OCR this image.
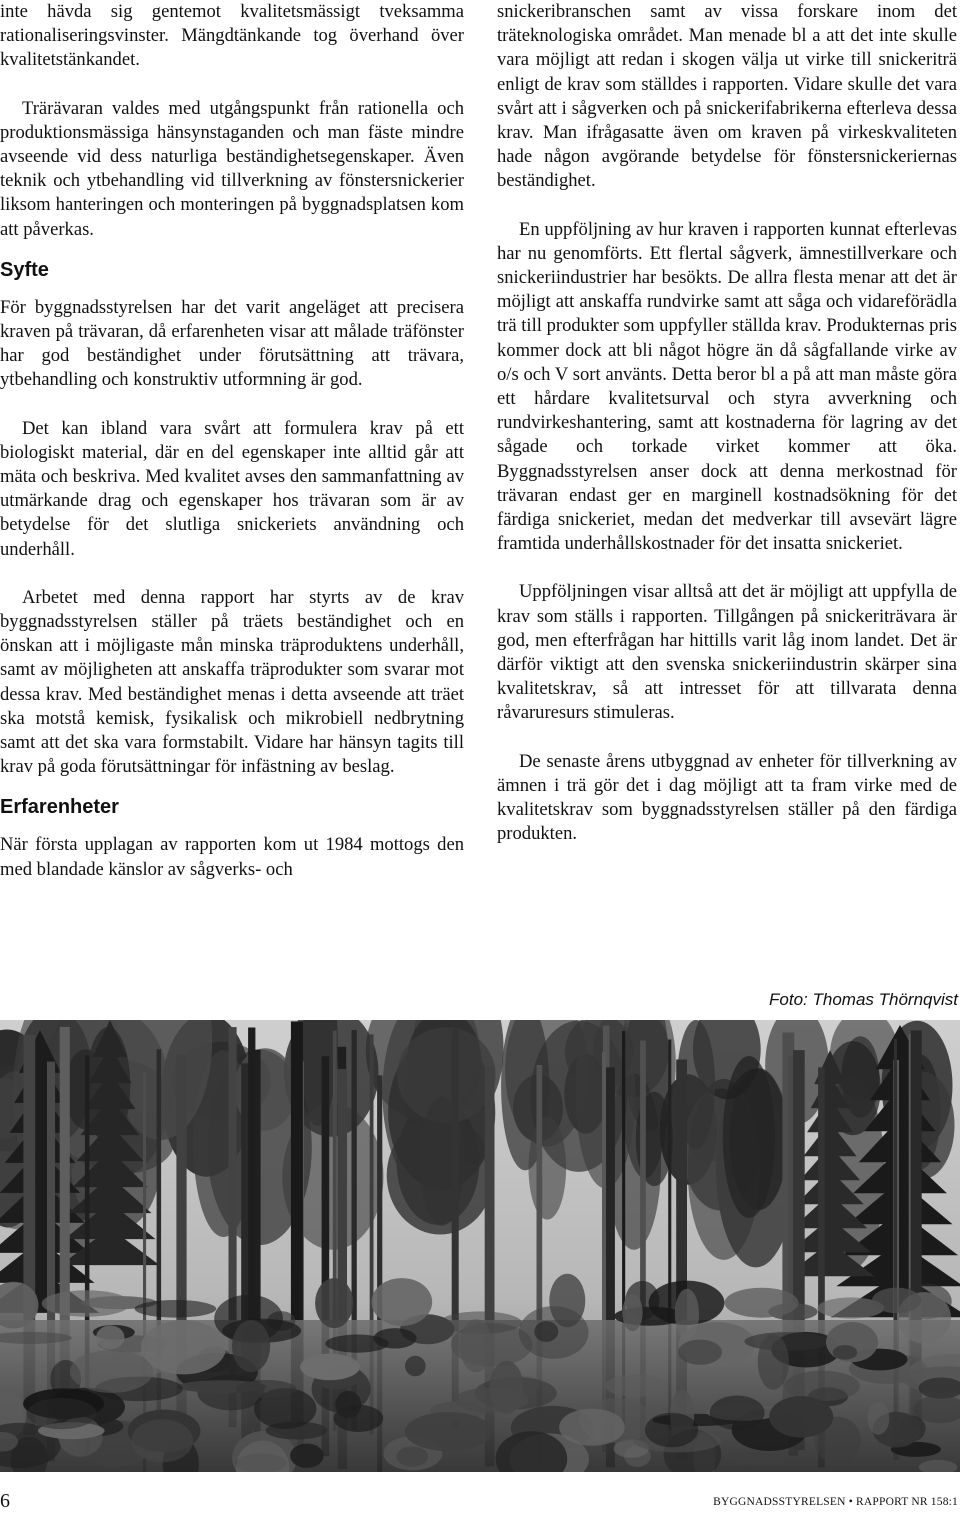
inte hävda sig gentemot kvalitetsmässigt tveksamma rationaliseringsvinster. Mängdtänkande tog överhand över kvalitetstänkandet.

Trärävaran valdes med utgångspunkt från rationella och produktionsmässiga hänsynstaganden och man fäste mindre avseende vid dess naturliga beständighetsegenskaper. Även teknik och ytbehandling vid tillverkning av fönstersnickerier liksom hanteringen och monteringen på byggnadsplatsen kom att påverkas.

Syfte

För byggnadsstyrelsen har det varit angeläget att precisera kraven på trävaran, då erfarenheten visar att målade träfönster har god beständighet under förutsättning att trävara, ytbehandling och konstruktiv utformning är god.

Det kan ibland vara svårt att formulera krav på ett biologiskt material, där en del egenskaper inte alltid går att mäta och beskriva. Med kvalitet avses den sammanfattning av utmärkande drag och egenskaper hos trävaran som är av betydelse för det slutliga snickeriets användning och underhåll.

Arbetet med denna rapport har styrts av de krav byggnadsstyrelsen ställer på träets beständighet och en önskan att i möjligaste mån minska träproduktens underhåll, samt av möjligheten att anskaffa träprodukter som svarar mot dessa krav. Med beständighet menas i detta avseende att träet ska motstå kemisk, fysikalisk och mikrobiell nedbrytning samt att det ska vara formstabilt. Vidare har hänsyn tagits till krav på goda förutsättningar för infästning av beslag.

Erfarenheter

När första upplagan av rapporten kom ut 1984 mottogs den med blandade känslor av sågverks- och

snickeribranschen samt av vissa forskare inom det träteknologiska området. Man menade bl a att det inte skulle vara möjligt att redan i skogen välja ut virke till snickeriträ enligt de krav som ställdes i rapporten. Vidare skulle det vara svårt att i sågverken och på snickerifabrikerna efterleva dessa krav. Man ifrågasatte även om kraven på virkeskvaliteten hade någon avgörande betydelse för fönstersnickeriernas beständighet.

En uppföljning av hur kraven i rapporten kunnat efterlevas har nu genomförts. Ett flertal sågverk, ämnestillverkare och snickeriindustrier har besökts. De allra flesta menar att det är möjligt att anskaffa rundvirke samt att såga och vidareförädla trä till produkter som uppfyller ställda krav. Produkternas pris kommer dock att bli något högre än då sågfallande virke av o/s och V sort använts. Detta beror bl a på att man måste göra ett hårdare kvalitetsurval och styra avverkning och rundvirkeshantering, samt att kostnaderna för lagring av det sågade och torkade virket kommer att öka. Byggnadsstyrelsen anser dock att denna merkostnad för trävaran endast ger en marginell kostnadsökning för det färdiga snickeriet, medan det medverkar till avsevärt lägre framtida underhållskostnader för det insatta snickeriet.

Uppföljningen visar alltså att det är möjligt att uppfylla de krav som ställs i rapporten. Tillgången på snickeriträvara är god, men efterfrågan har hittills varit låg inom landet. Det är därför viktigt att den svenska snickeriindustrin skärper sina kvalitetskrav, så att intresset för att tillvarata denna råvaruresurs stimuleras.

De senaste årens utbyggnad av enheter för tillverkning av ämnen i trä gör det i dag möjligt att ta fram virke med de kvalitetskrav som byggnadsstyrelsen ställer på den färdiga produkten.

Foto: Thomas Thörnqvist
6	BYGGNADSSTYRELSEN • RAPPORT NR 158:1
